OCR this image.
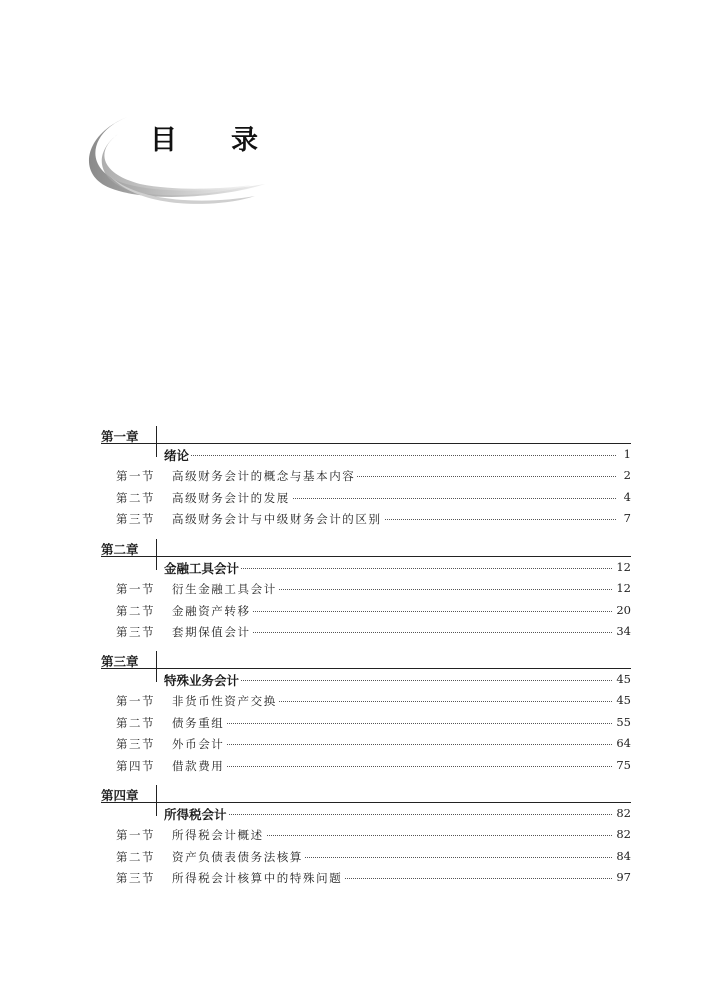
目 录
第一章
绪论	1
第一节 高级财务会计的概念与基本内容	2
第二节 高级财务会计的发展	4
第三节 高级财务会计与中级财务会计的区别	7
第二章
金融工具会计	12
第一节 衍生金融工具会计	12
第二节 金融资产转移	20
第三节 套期保值会计	34
第三章
特殊业务会计	45
第一节 非货币性资产交换	45
第二节 债务重组	55
第三节 外币会计	64
第四节 借款费用	75
第四章
所得税会计	82
第一节 所得税会计概述	82
第二节 资产负债表债务法核算	84
第三节 所得税会计核算中的特殊问题	97
